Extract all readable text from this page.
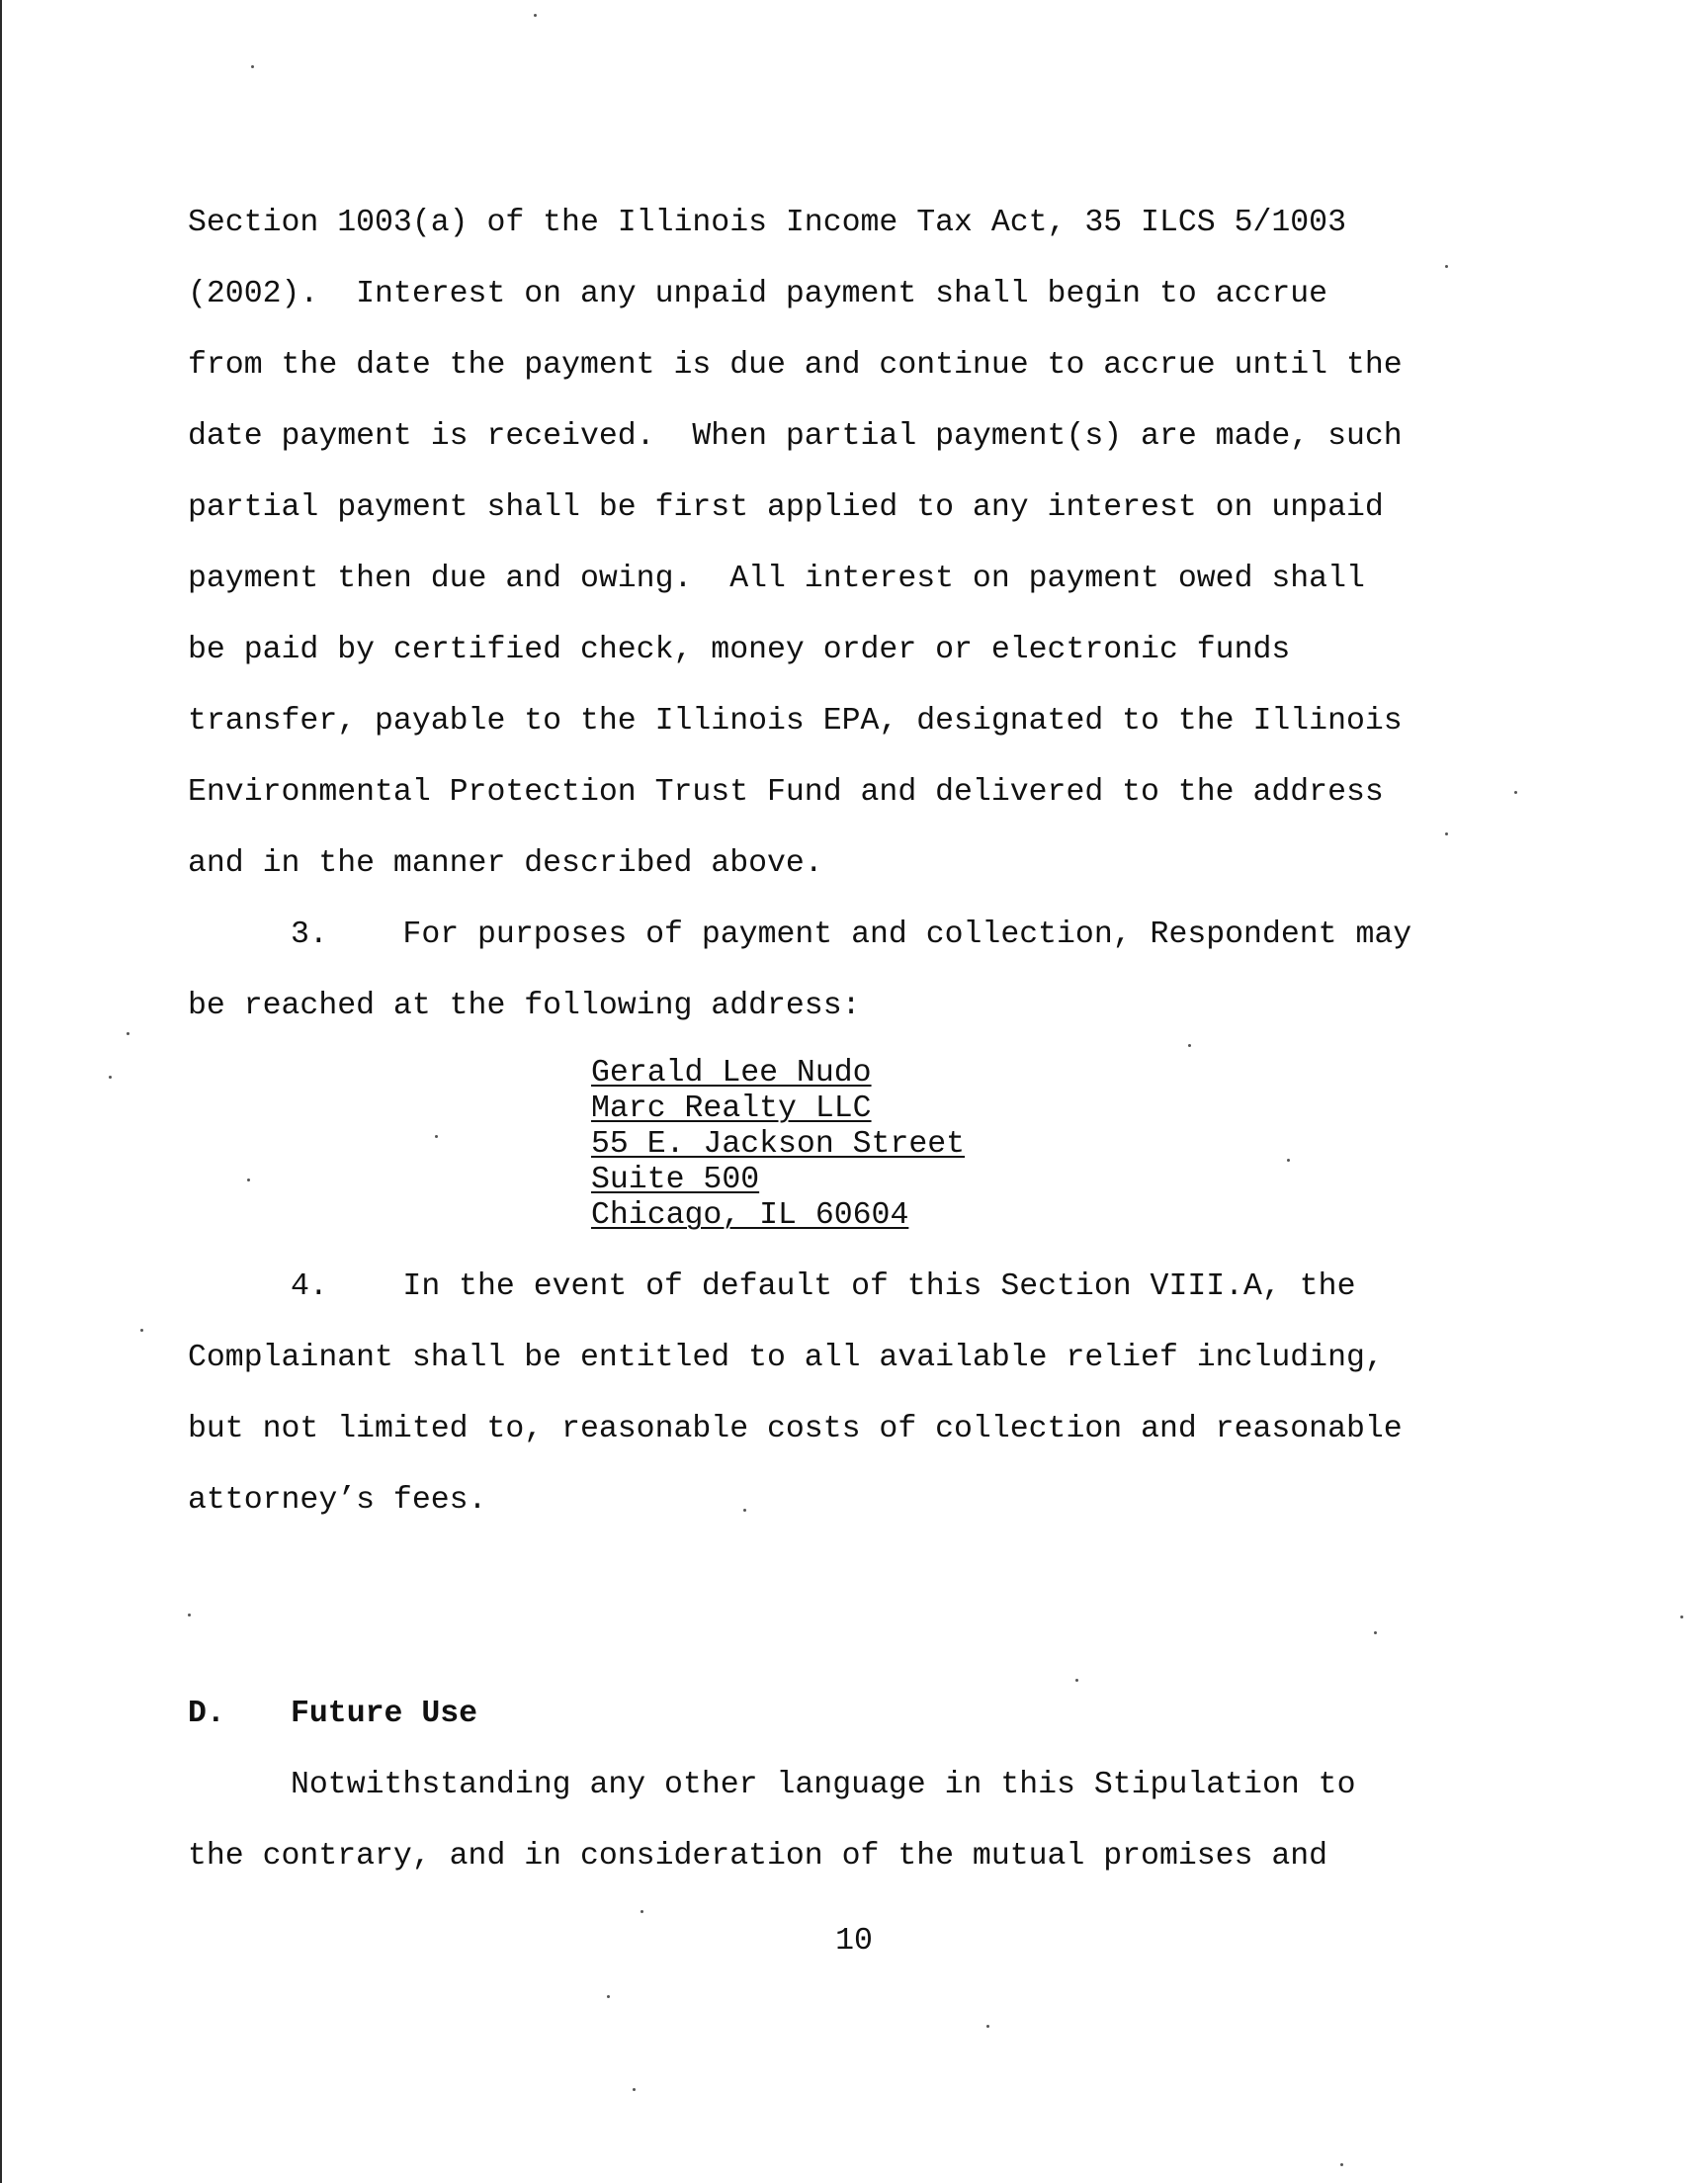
Section 1003(a) of the Illinois Income Tax Act, 35 ILCS 5/1003
(2002).  Interest on any unpaid payment shall begin to accrue
from the date the payment is due and continue to accrue until the
date payment is received.  When partial payment(s) are made, such
partial payment shall be first applied to any interest on unpaid
payment then due and owing.  All interest on payment owed shall
be paid by certified check, money order or electronic funds
transfer, payable to the Illinois EPA, designated to the Illinois
Environmental Protection Trust Fund and delivered to the address
and in the manner described above.
3.    For purposes of payment and collection, Respondent may
be reached at the following address:
Gerald Lee Nudo
Marc Realty LLC
55 E. Jackson Street
Suite 500
Chicago, IL 60604
4.    In the event of default of this Section VIII.A, the
Complainant shall be entitled to all available relief including,
but not limited to, reasonable costs of collection and reasonable
attorney’s fees.
D. Future Use
Notwithstanding any other language in this Stipulation to
the contrary, and in consideration of the mutual promises and
10
